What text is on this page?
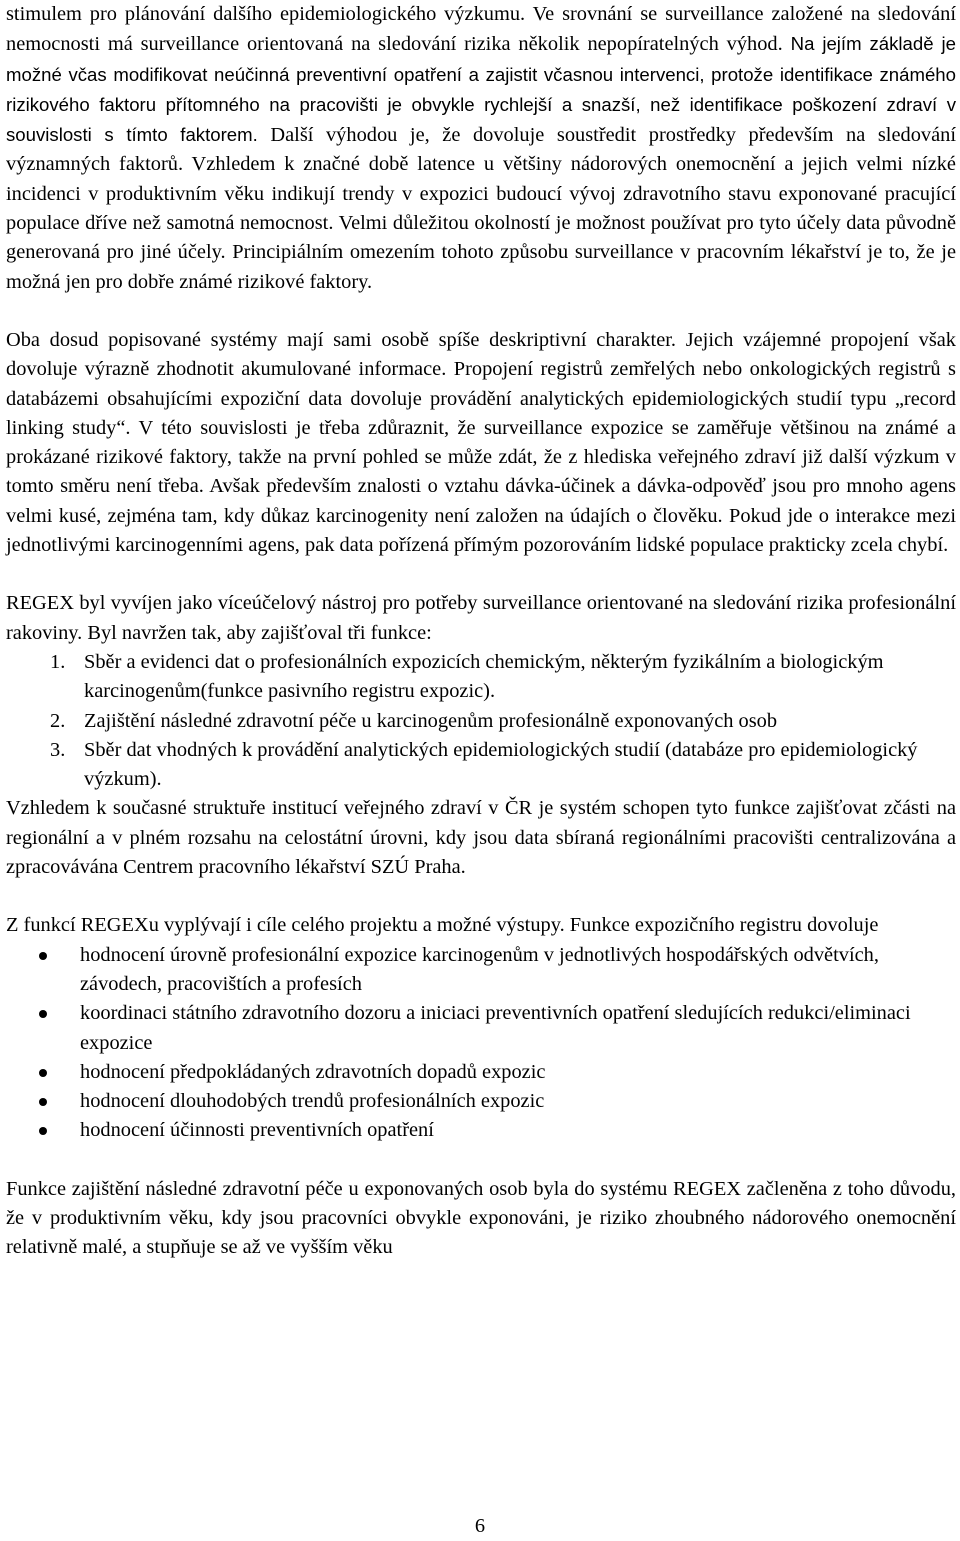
stimulem pro plánování dalšího epidemiologického výzkumu. Ve srovnání se surveillance založené na sledování nemocnosti má surveillance orientovaná na sledování rizika několik nepopíratelných výhod. Na jejím základě je možné včas modifikovat neúčinná preventivní opatření a zajistit včasnou intervenci, protože identifikace známého rizikového faktoru přítomného na pracovišti je obvykle rychlejší a snazší, než identifikace poškození zdraví v souvislosti s tímto faktorem. Další výhodou je, že dovoluje soustředit prostředky především na sledování významných faktorů. Vzhledem k značné době latence u většiny nádorových onemocnění a jejich velmi nízké incidenci v produktivním věku indikují trendy v expozici budoucí vývoj zdravotního stavu exponované pracující populace dříve než samotná nemocnost. Velmi důležitou okolností je možnost používat pro tyto účely data původně generovaná pro jiné účely. Principiálním omezením tohoto způsobu surveillance v pracovním lékařství je to, že je možná jen pro dobře známé rizikové faktory.

Oba dosud popisované systémy mají sami osobě spíše deskriptivní charakter. Jejich vzájemné propojení však dovoluje výrazně zhodnotit akumulované informace. Propojení registrů zemřelých nebo onkologických registrů s databázemi obsahujícími expoziční data dovoluje provádění analytických epidemiologických studií typu „record linking study“. V této souvislosti je třeba zdůraznit, že surveillance expozice se zaměřuje většinou na známé a prokázané rizikové faktory, takže na první pohled se může zdát, že z hlediska veřejného zdraví již další výzkum v tomto směru není třeba. Avšak především znalosti o vztahu dávka-účinek a dávka-odpověď jsou pro mnoho agens velmi kusé, zejména tam, kdy důkaz karcinogenity není založen na údajích o člověku. Pokud jde o interakce mezi jednotlivými karcinogenními agens, pak data pořízená přímým pozorováním lidské populace prakticky zcela chybí.

REGEX byl vyvíjen jako víceúčelový nástroj pro potřeby surveillance orientované na sledování rizika profesionální rakoviny. Byl navržen tak, aby zajišťoval tři funkce:

1. Sběr a evidenci dat o profesionálních expozicích chemickým, některým fyzikálním a biologickým karcinogenům(funkce pasivního registru expozic).
2. Zajištění následné zdravotní péče u karcinogenům profesionálně exponovaných osob
3. Sběr dat vhodných k provádění analytických epidemiologických studií (databáze pro epidemiologický výzkum).

Vzhledem k současné struktuře institucí veřejného zdraví v ČR je systém schopen tyto funkce zajišťovat zčásti na regionální a v plném rozsahu na celostátní úrovni, kdy jsou data sbíraná regionálními pracovišti centralizována a zpracovávána Centrem pracovního lékařství SZÚ Praha.

Z funkcí REGEXu vyplývají i cíle celého projektu a možné výstupy. Funkce expozičního registru dovoluje

hodnocení úrovně profesionální expozice karcinogenům v jednotlivých hospodářských odvětvích, závodech, pracovištích a profesích
koordinaci státního zdravotního dozoru a iniciaci preventivních opatření sledujících redukci/eliminaci expozice
hodnocení předpokládaných zdravotních dopadů expozic
hodnocení dlouhodobých trendů profesionálních expozic
hodnocení účinnosti preventivních opatření

Funkce zajištění následné zdravotní péče u exponovaných osob byla do systému REGEX začleněna z toho důvodu, že v produktivním věku, kdy jsou pracovníci obvykle exponováni, je riziko zhoubného nádorového onemocnění relativně malé, a stupňuje se až ve vyšším věku

6
